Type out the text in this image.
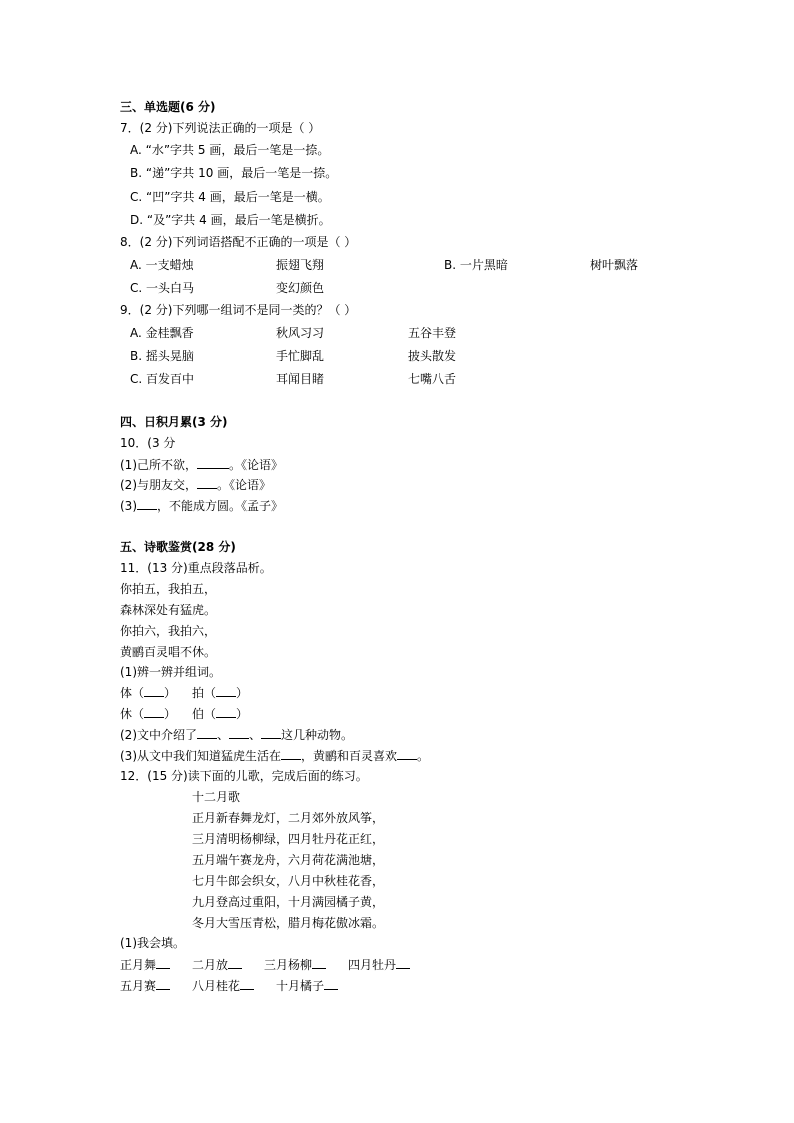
三、单选题(6 分)
7．(2 分)下列说法正确的一项是（ ）
A. “水”字共 5 画，最后一笔是一捺。
B. “递”字共 10 画，最后一笔是一捺。
C. “凹”字共 4 画，最后一笔是一横。
D. “及”字共 4 画，最后一笔是横折。
8．(2 分)下列词语搭配不正确的一项是（ ）
A. 一支蜡烛	振翅飞翔	B. 一片黑暗	树叶飘落
C. 一头白马	变幻颜色
9．(2 分)下列哪一组词不是同一类的？（ ）
A. 金桂飘香	秋风习习	五谷丰登
B. 摇头晃脑	手忙脚乱	披头散发
C. 百发百中	耳闻目睹	七嘴八舌
四、日积月累(3 分)
10．(3 分
(1)己所不欲，	。《论语》
(2)与朋友交， 。《论语》
(3) ，不能成方圆。《孟子》
五、诗歌鉴赏(28 分)
11．(13 分)重点段落品析。
你拍五，我拍五，
森林深处有猛虎。
你拍六，我拍六，
黄鹂百灵唱不休。
(1)辨一辨并组词。
体（ ） 拍（ ）
休（ ） 伯（ ）
(2)文中介绍了 、 、 这几种动物。
(3)从文中我们知道猛虎生活在 ，黄鹂和百灵喜欢 。
12．(15 分)读下面的儿歌，完成后面的练习。
十二月歌
正月新春舞龙灯，二月郊外放风筝，
三月清明杨柳绿，四月牡丹花正红，
五月端午赛龙舟，六月荷花满池塘，
七月牛郎会织女，八月中秋桂花香，
九月登高过重阳，十月满园橘子黄，
冬月大雪压青松，腊月梅花傲冰霜。
(1)我会填。
正月舞	二月放	三月杨柳	四月牡丹
五月赛	八月桂花	十月橘子
